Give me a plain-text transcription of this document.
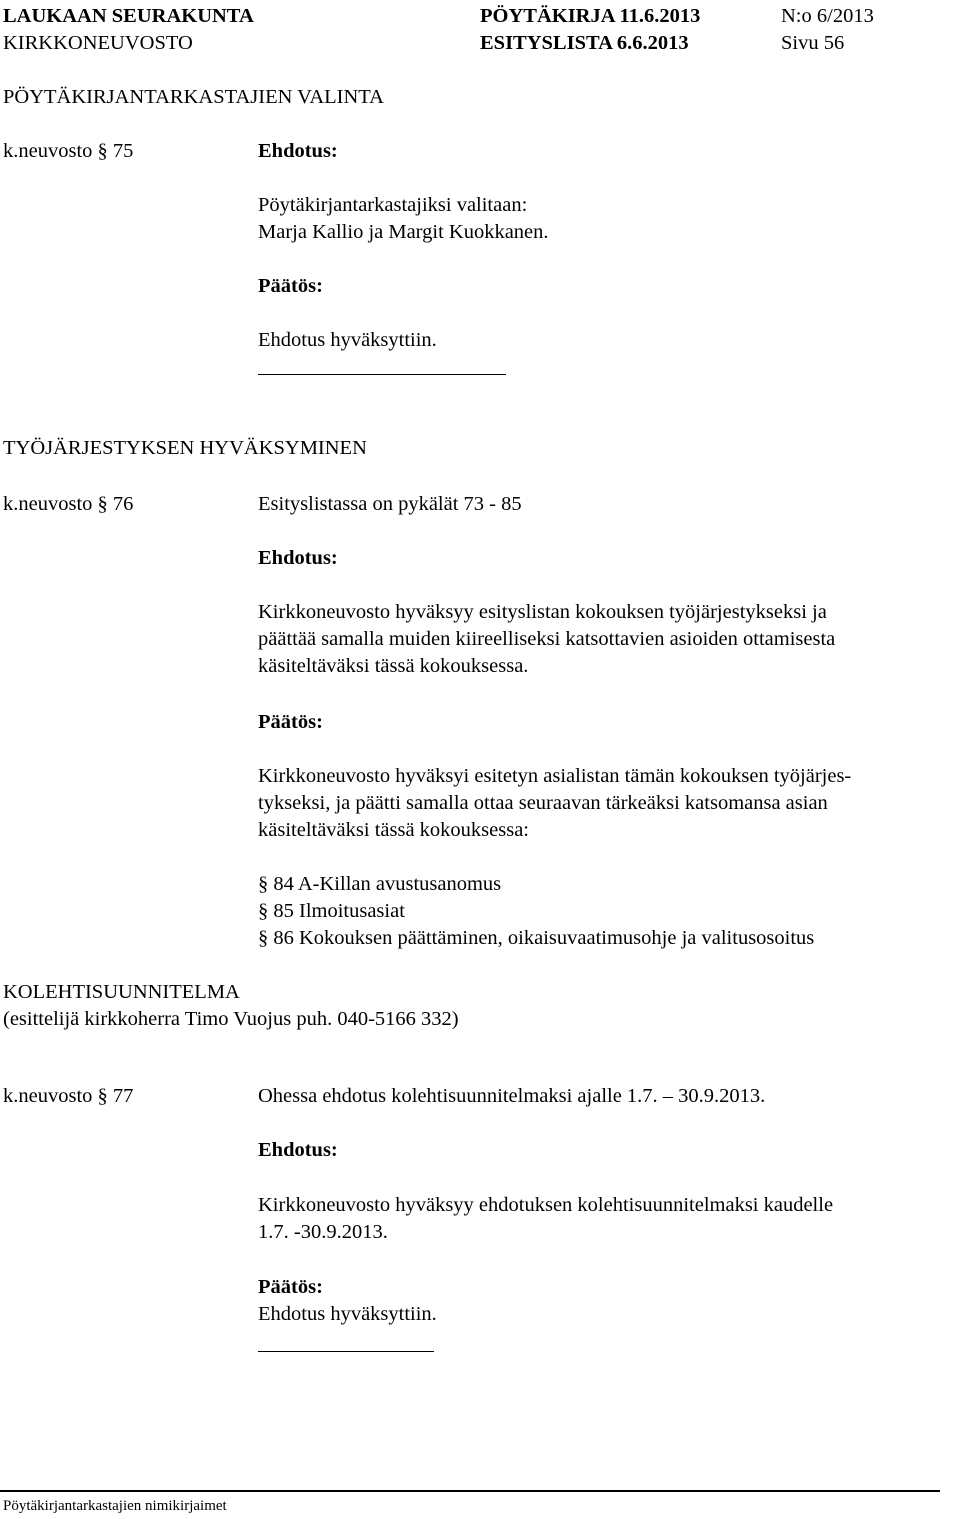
LAUKAAN SEURAKUNTA	PÖYTÄKIRJA 11.6.2013	N:o 6/2013
KIRKKONEUVOSTO	ESITYSLISTA 6.6.2013	Sivu 56
PÖYTÄKIRJANTARKASTAJIEN VALINTA
k.neuvosto § 75	Ehdotus:
Pöytäkirjantarkastajiksi valitaan:
Marja Kallio ja Margit Kuokkanen.
Päätös:
Ehdotus hyväksyttiin.
TYÖJÄRJESTYKSEN HYVÄKSYMINEN
k.neuvosto § 76	Esityslistassa on pykälät 73 - 85
Ehdotus:
Kirkkoneuvosto hyväksyy esityslistan kokouksen työjärjestykseksi ja
päättää samalla muiden kiireelliseksi katsottavien asioiden ottamisesta
käsiteltäväksi tässä kokouksessa.
Päätös:
Kirkkoneuvosto hyväksyi esitetyn asialistan tämän kokouksen työjärjes-
tykseksi, ja päätti samalla ottaa seuraavan tärkeäksi katsomansa asian
käsiteltäväksi tässä kokouksessa:
§ 84 A-Killan avustusanomus
§ 85 Ilmoitusasiat
§ 86 Kokouksen päättäminen, oikaisuvaatimusohje ja valitusosoitus
KOLEHTISUUNNITELMA
(esittelijä kirkkoherra Timo Vuojus puh. 040-5166 332)
k.neuvosto § 77	Ohessa ehdotus kolehtisuunnitelmaksi ajalle 1.7. – 30.9.2013.
Ehdotus:
Kirkkoneuvosto hyväksyy ehdotuksen kolehtisuunnitelmaksi kaudelle
1.7. -30.9.2013.
Päätös:
Ehdotus hyväksyttiin.
Pöytäkirjantarkastajien nimikirjaimet
